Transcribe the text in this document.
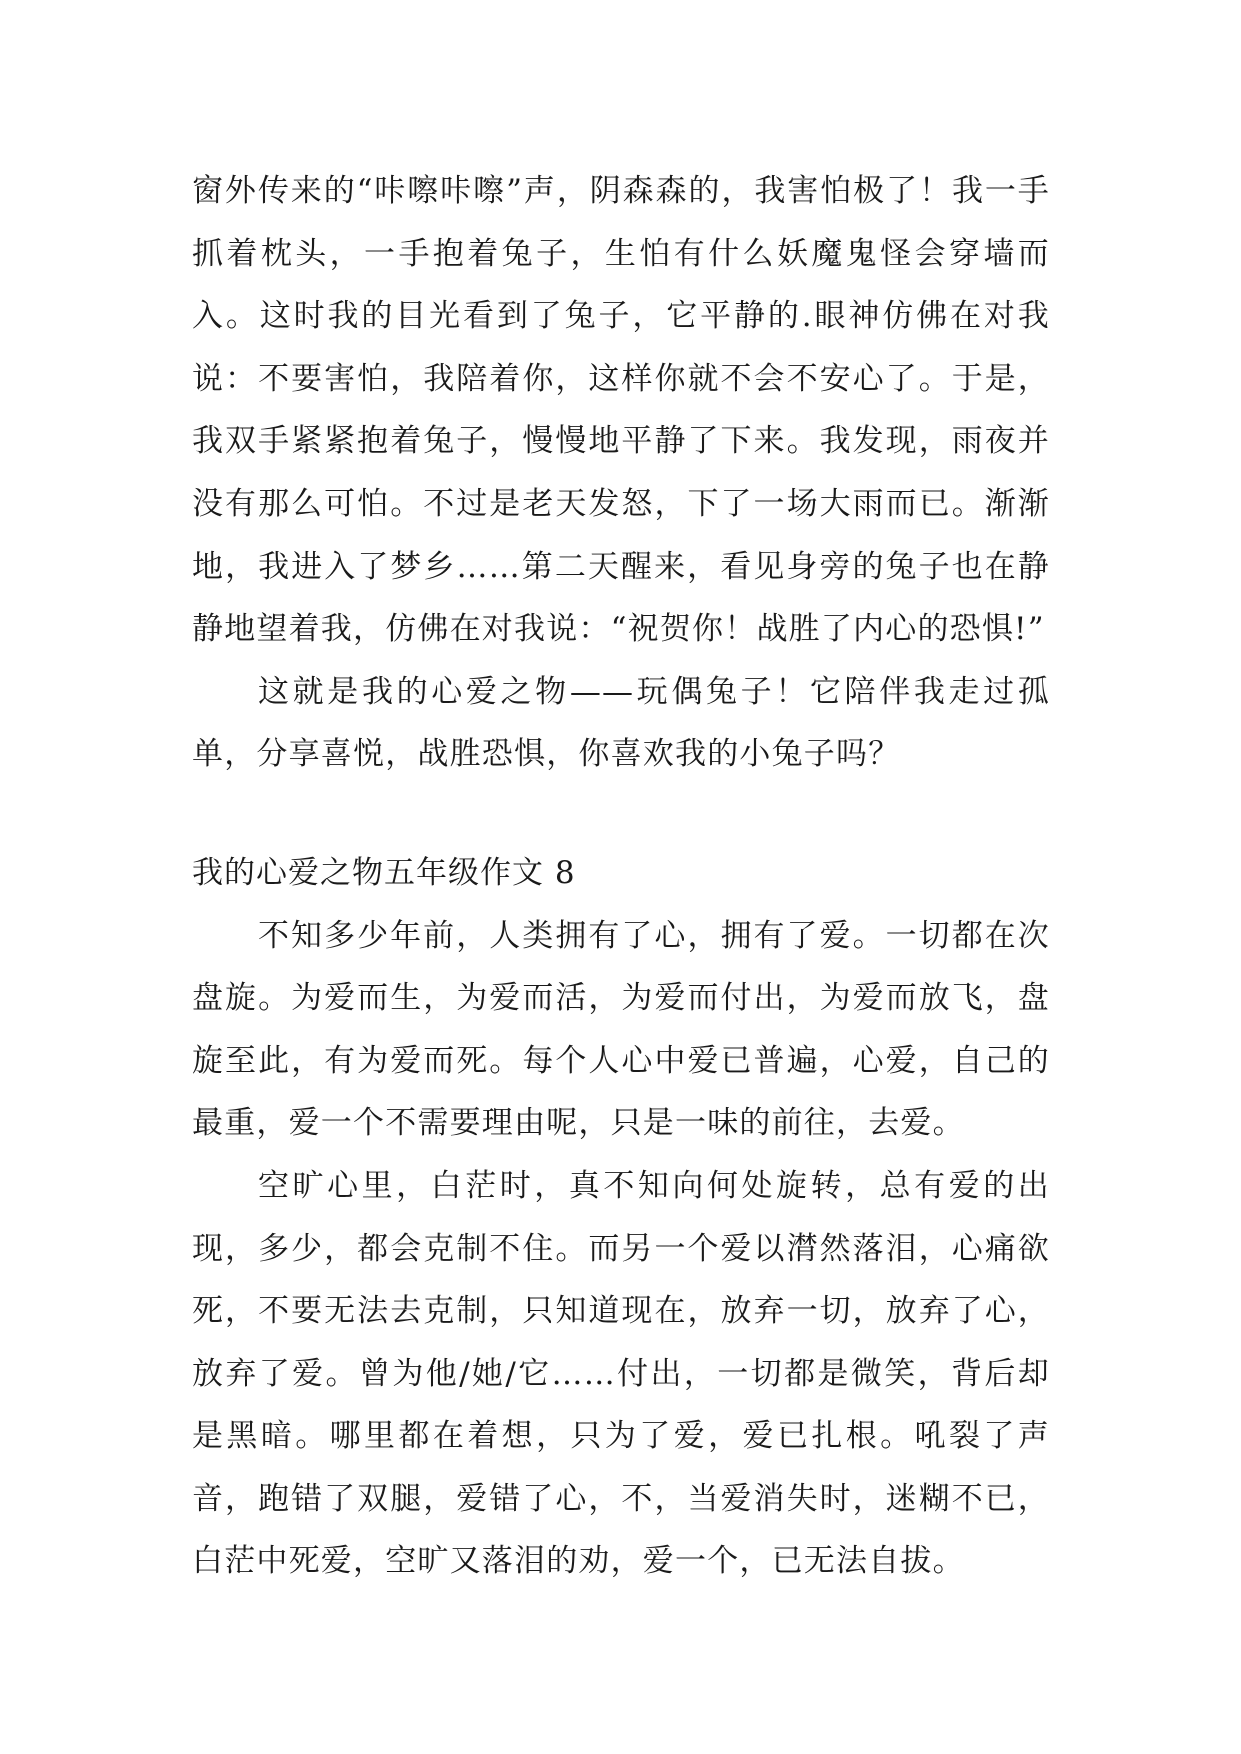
窗外传来的“咔嚓咔嚓”声，阴森森的，我害怕极了！我一手抓着枕头，一手抱着兔子，生怕有什么妖魔鬼怪会穿墙而入。这时我的目光看到了兔子，它平静的.眼神仿佛在对我说：不要害怕，我陪着你，这样你就不会不安心了。于是，我双手紧紧抱着兔子，慢慢地平静了下来。我发现，雨夜并没有那么可怕。不过是老天发怒，下了一场大雨而已。渐渐地，我进入了梦乡……第二天醒来，看见身旁的兔子也在静静地望着我，仿佛在对我说：“祝贺你！战胜了内心的恐惧!”

这就是我的心爱之物——玩偶兔子！它陪伴我走过孤单，分享喜悦，战胜恐惧，你喜欢我的小兔子吗？

我的心爱之物五年级作文 8

不知多少年前，人类拥有了心，拥有了爱。一切都在次盘旋。为爱而生，为爱而活，为爱而付出，为爱而放飞，盘旋至此，有为爱而死。每个人心中爱已普遍，心爱，自己的最重，爱一个不需要理由呢，只是一味的前往，去爱。

空旷心里，白茫时，真不知向何处旋转，总有爱的出现，多少，都会克制不住。而另一个爱以潸然落泪，心痛欲死，不要无法去克制，只知道现在，放弃一切，放弃了心，放弃了爱。曾为他/她/它……付出，一切都是微笑，背后却是黑暗。哪里都在着想，只为了爱，爱已扎根。吼裂了声音，跑错了双腿，爱错了心，不，当爱消失时，迷糊不已，白茫中死爱，空旷又落泪的劝，爱一个，已无法自拔。
